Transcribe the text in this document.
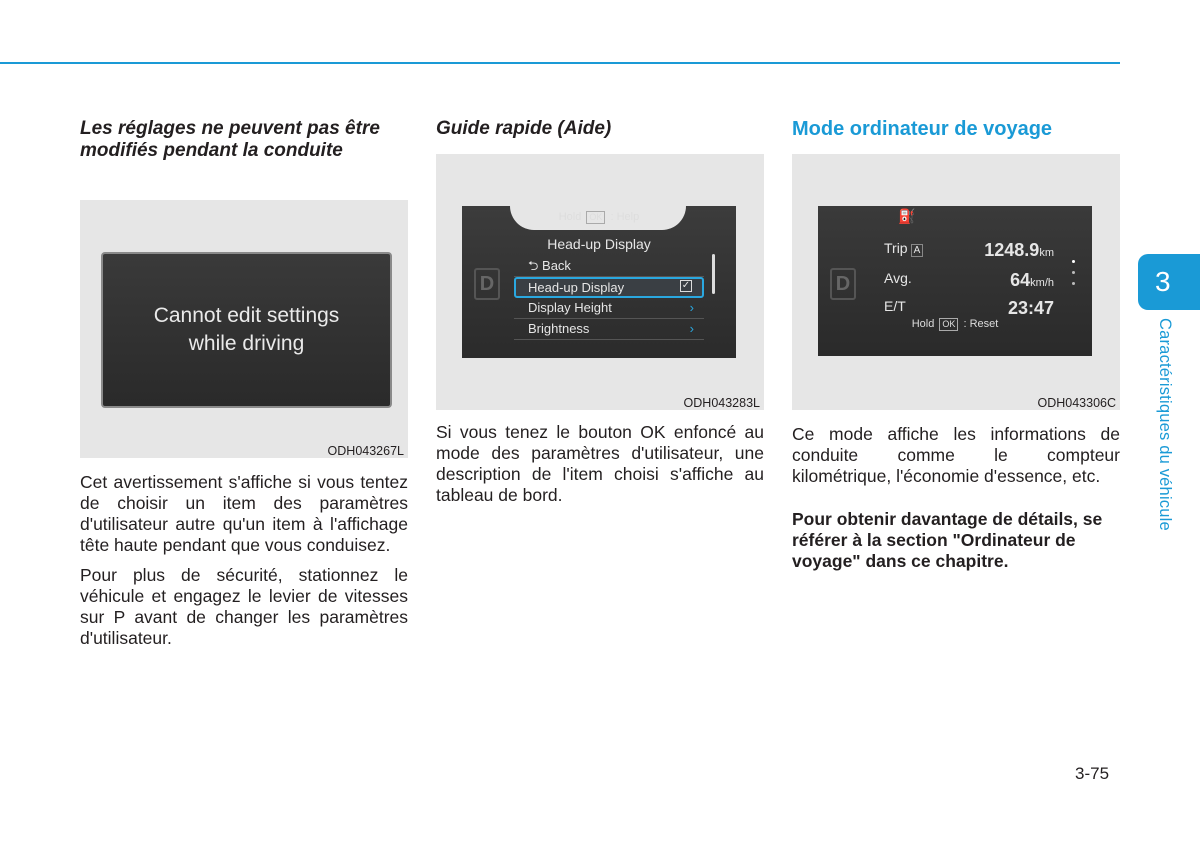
Les réglages ne peuvent pas être modifiés pendant la conduite
Cannot edit settings
while driving
ODH043267L

Cet avertissement s'affiche si vous tentez de choisir un item des paramètres d'utilisateur autre qu'un item à l'affichage tête haute pendant que vous conduisez.

Pour plus de sécurité, stationnez le véhicule et engagez le levier de vitesses sur P avant de changer les paramètres d'utilisateur.

Guide rapide (Aide)
Hold OK : Help
Head-up Display
D
⮌ Back
Head-up Display	✓
Display Height	›
Brightness	›
ODH043283L

Si vous tenez le bouton OK enfoncé au mode des paramètres d'utilisateur, une description de l'item choisi s'affiche au tableau de bord.

Mode ordinateur de voyage
⛽
D
Trip A	1248.9km
Avg.	64km/h
E/T	23:47
Hold OK : Reset
ODH043306C

Ce mode affiche les informations de conduite comme le compteur kilométrique, l'économie d'essence, etc.

Pour obtenir davantage de détails, se référer à la section "Ordinateur de voyage" dans ce chapitre.

3
Caractéristiques du véhicule
3-75
